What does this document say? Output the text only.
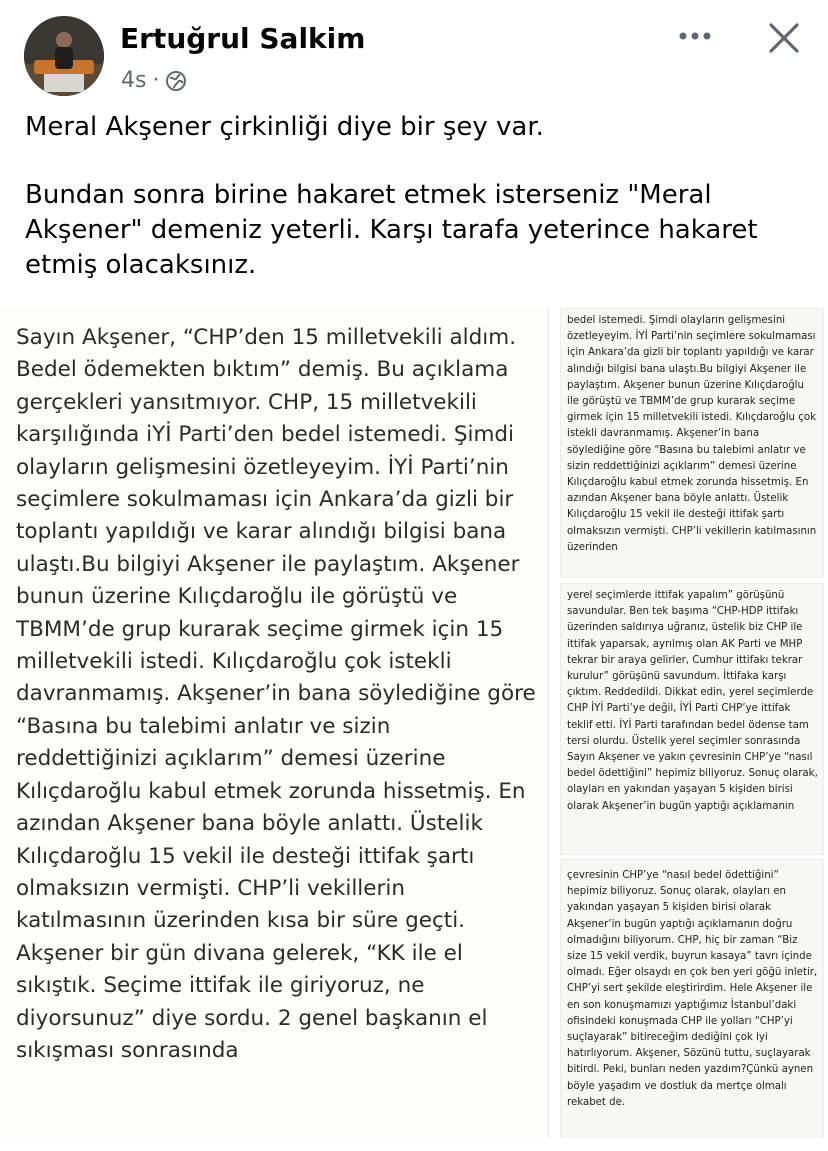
Ertuğrul Salkim
4s ·

Meral Akşener çirkinliği diye bir şey var.

Bundan sonra birine hakaret etmek isterseniz "Meral Akşener" demeniz yeterli. Karşı tarafa yeterince hakaret etmiş olacaksınız.

Sayın Akşener, “CHP’den 15 milletvekili aldım. Bedel ödemekten bıktım” demiş. Bu açıklama gerçekleri yansıtmıyor. CHP, 15 milletvekili karşılığında iYİ Parti’den bedel istemedi. Şimdi olayların gelişmesini özetleyeyim. İYİ Parti’nin seçimlere sokulmaması için Ankara’da gizli bir toplantı yapıldığı ve karar alındığı bilgisi bana ulaştı.Bu bilgiyi Akşener ile paylaştım. Akşener bunun üzerine Kılıçdaroğlu ile görüştü ve TBMM’de grup kurarak seçime girmek için 15 milletvekili istedi. Kılıçdaroğlu çok istekli davranmamış. Akşener’in bana söylediğine göre “Basına bu talebimi anlatır ve sizin reddettiğinizi açıklarım” demesi üzerine Kılıçdaroğlu kabul etmek zorunda hissetmiş. En azından Akşener bana böyle anlattı. Üstelik Kılıçdaroğlu 15 vekil ile desteği ittifak şartı olmaksızın vermişti. CHP’li vekillerin katılmasının üzerinden kısa bir süre geçti. Akşener bir gün divana gelerek, “KK ile el sıkıştık. Seçime ittifak ile giriyoruz, ne diyorsunuz” diye sordu. 2 genel başkanın el sıkışması sonrasında
bedel istemedi. Şimdi olayların gelişmesini özetleyeyim. İYİ Parti’nin seçimlere sokulmaması için Ankara’da gizli bir toplantı yapıldığı ve karar alındığı bilgisi bana ulaştı.Bu bilgiyi Akşener ile paylaştım. Akşener bunun üzerine Kılıçdaroğlu ile görüştü ve TBMM’de grup kurarak seçime girmek için 15 milletvekili istedi. Kılıçdaroğlu çok istekli davranmamış. Akşener’in bana söylediğine göre “Basına bu talebimi anlatır ve sizin reddettiğinizi açıklarım” demesi üzerine Kılıçdaroğlu kabul etmek zorunda hissetmiş. En azından Akşener bana böyle anlattı. Üstelik Kılıçdaroğlu 15 vekil ile desteği ittifak şartı olmaksızın vermişti. CHP’li vekillerin katılmasının üzerinden
yerel seçimlerde ittifak yapalım” görüşünü savundular. Ben tek başıma “CHP-HDP ittifakı üzerinden saldırıya uğranız, üstelik biz CHP ile ittifak yaparsak, ayrılmış olan AK Parti ve MHP tekrar bir araya gelirler, Cumhur ittifakı tekrar kurulur” görüşünü savundum. İttifaka karşı çıktım. Reddedildi. Dikkat edin, yerel seçimlerde CHP İYİ Parti’ye değil, İYİ Parti CHP’ye ittifak teklif etti. İYİ Parti tarafından bedel ödense tam tersi olurdu. Üstelik yerel seçimler sonrasında Sayın Akşener ve yakın çevresinin CHP’ye “nasıl bedel ödettiğini” hepimiz biliyoruz. Sonuç olarak, olayları en yakından yaşayan 5 kişiden birisi olarak Akşener’in bugün yaptığı açıklamanın
çevresinin CHP’ye “nasıl bedel ödettiğini” hepimiz biliyoruz. Sonuç olarak, olayları en yakından yaşayan 5 kişiden birisi olarak Akşener’in bugün yaptığı açıklamanın doğru olmadığını biliyorum. CHP, hiç bir zaman “Biz size 15 vekil verdik, buyrun kasaya” tavrı içinde olmadı. Eğer olsaydı en çok ben yeri göğü inletir, CHP’yi sert şekilde eleştirirdim. Hele Akşener ile en son konuşmamızı yaptığımız İstanbul’daki ofisindeki konuşmada CHP ile yolları “CHP’yi suçlayarak” bitireceğim dediğini çok iyi hatırlıyorum. Akşener, Sözünü tuttu, suçlayarak bitirdi. Peki, bunları neden yazdım?Çünkü aynen böyle yaşadım ve dostluk da mertçe olmalı rekabet de.
